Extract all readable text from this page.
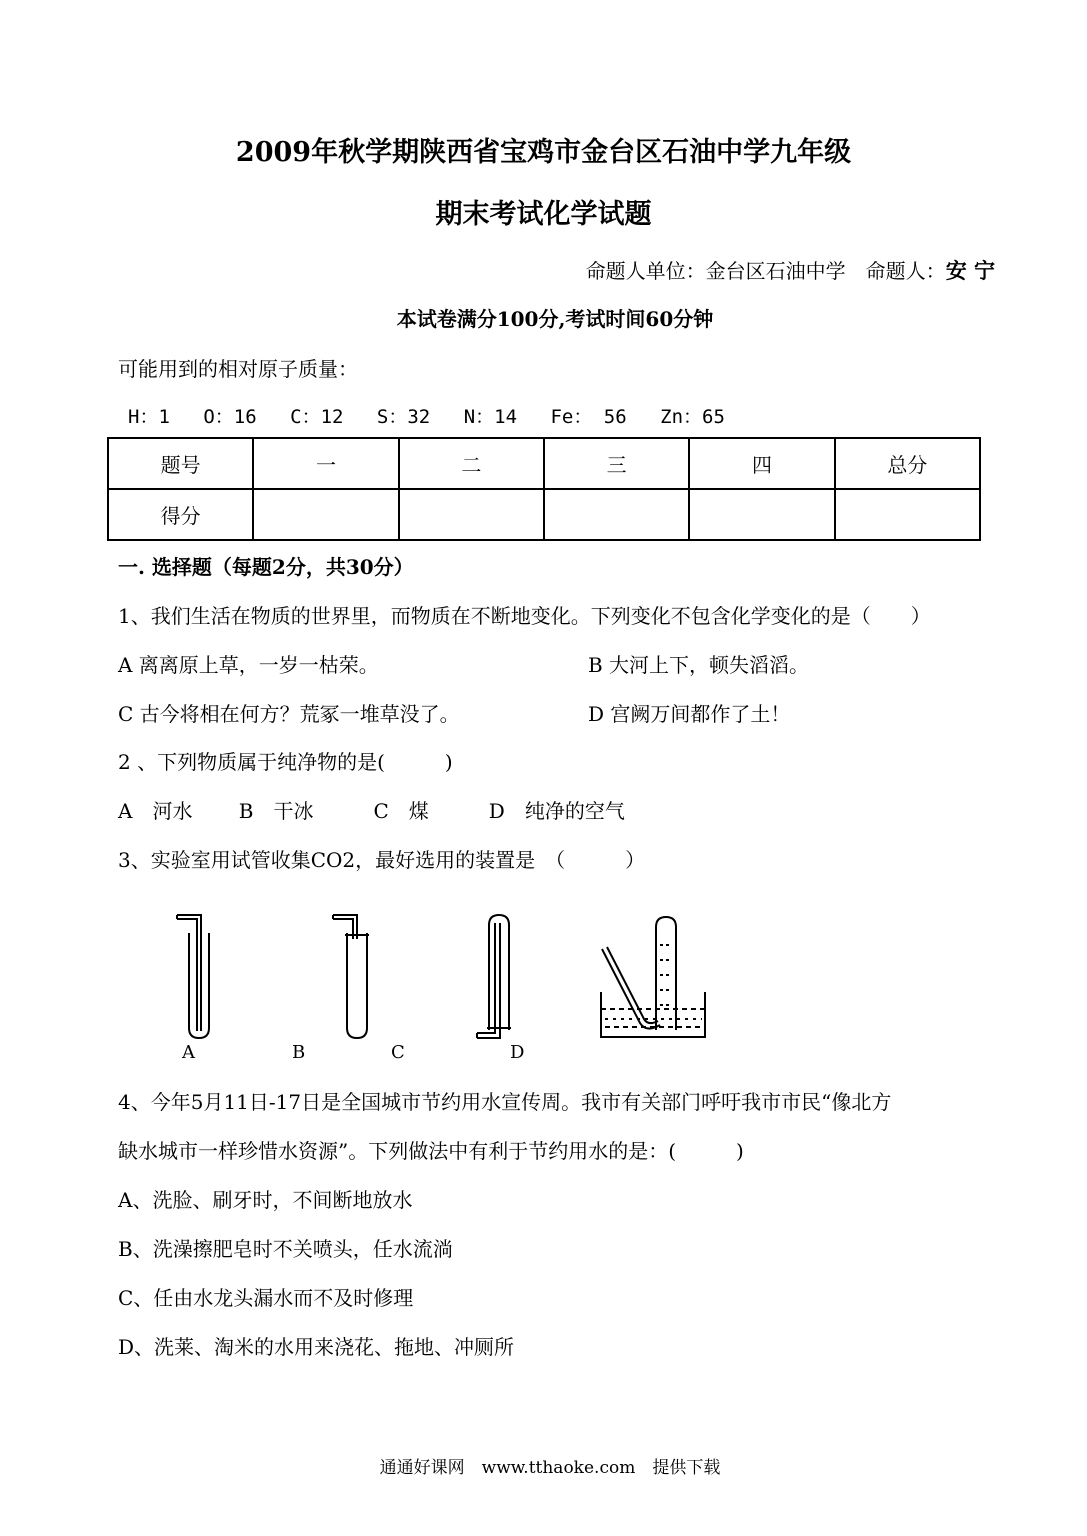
2009年秋学期陕西省宝鸡市金台区石油中学九年级
期末考试化学试题
命题人单位：金台区石油中学　命题人：安 宁
本试卷满分100分,考试时间60分钟
可能用到的相对原子质量：
H：1 O：16 C：12 S：32 N：14 Fe： 56 Zn：65
题号	一	二	三	四	总分
得分					
一. 选择题（每题2分，共30分）
1、我们生活在物质的世界里，而物质在不断地变化。下列变化不包含化学变化的是（　　）
A 离离原上草，一岁一枯荣。	B 大河上下，顿失滔滔。
C 古今将相在何方？荒冢一堆草没了。	D 宫阙万间都作了土！
2 、下列物质属于纯净物的是(　　　)
A　河水　　 B　干冰　　　C　煤　　　D　纯净的空气
3、实验室用试管收集CO2，最好选用的装置是　（　　　）
A	B	C	D
4、今年5月11日-17日是全国城市节约用水宣传周。我市有关部门呼吁我市市民“像北方
缺水城市一样珍惜水资源”。下列做法中有利于节约用水的是：(　　　)
A、洗脸、刷牙时，不间断地放水
B、洗澡擦肥皂时不关喷头，任水流淌
C、任由水龙头漏水而不及时修理
D、洗莱、淘米的水用来浇花、拖地、冲厕所
通通好课网　www.tthaoke.com　提供下载
